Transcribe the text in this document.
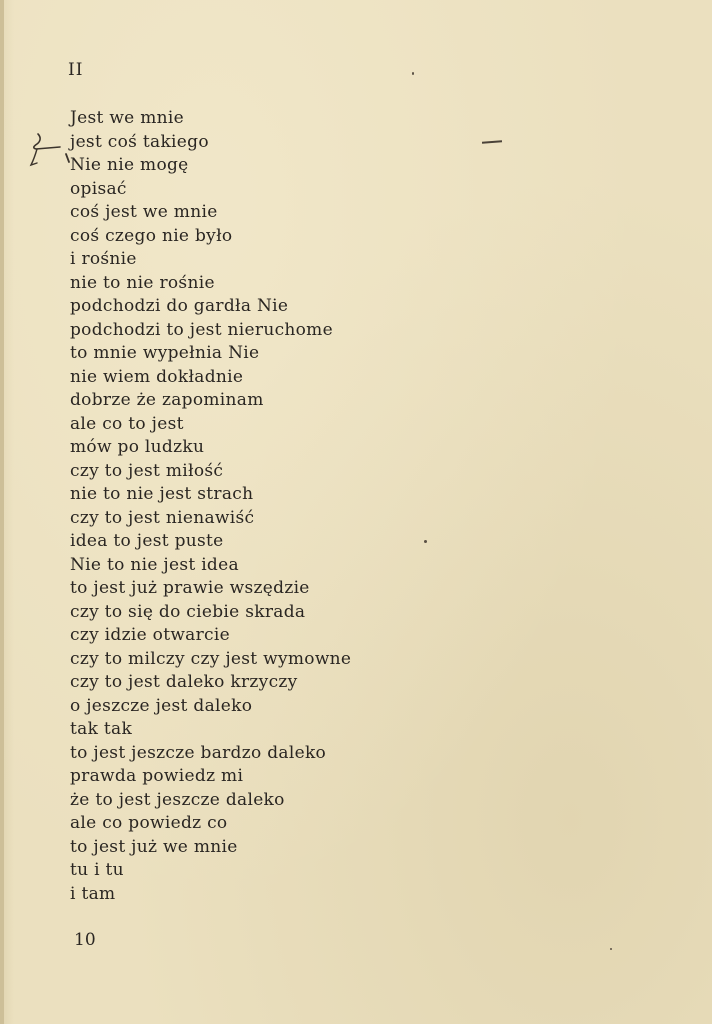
II
Jest we mnie
jest coś takiego
Nie nie mogę
opisać
coś jest we mnie
coś czego nie było
i rośnie
nie to nie rośnie
podchodzi do gardła Nie
podchodzi to jest nieruchome
to mnie wypełnia Nie
nie wiem dokładnie
dobrze że zapominam
ale co to jest
mów po ludzku
czy to jest miłość
nie to nie jest strach
czy to jest nienawiść
idea to jest puste
Nie to nie jest idea
to jest już prawie wszędzie
czy to się do ciebie skrada
czy idzie otwarcie
czy to milczy czy jest wymowne
czy to jest daleko krzyczy
o jeszcze jest daleko
tak tak
to jest jeszcze bardzo daleko
prawda powiedz mi
że to jest jeszcze daleko
ale co powiedz co
to jest już we mnie
tu i tu
i tam
10
